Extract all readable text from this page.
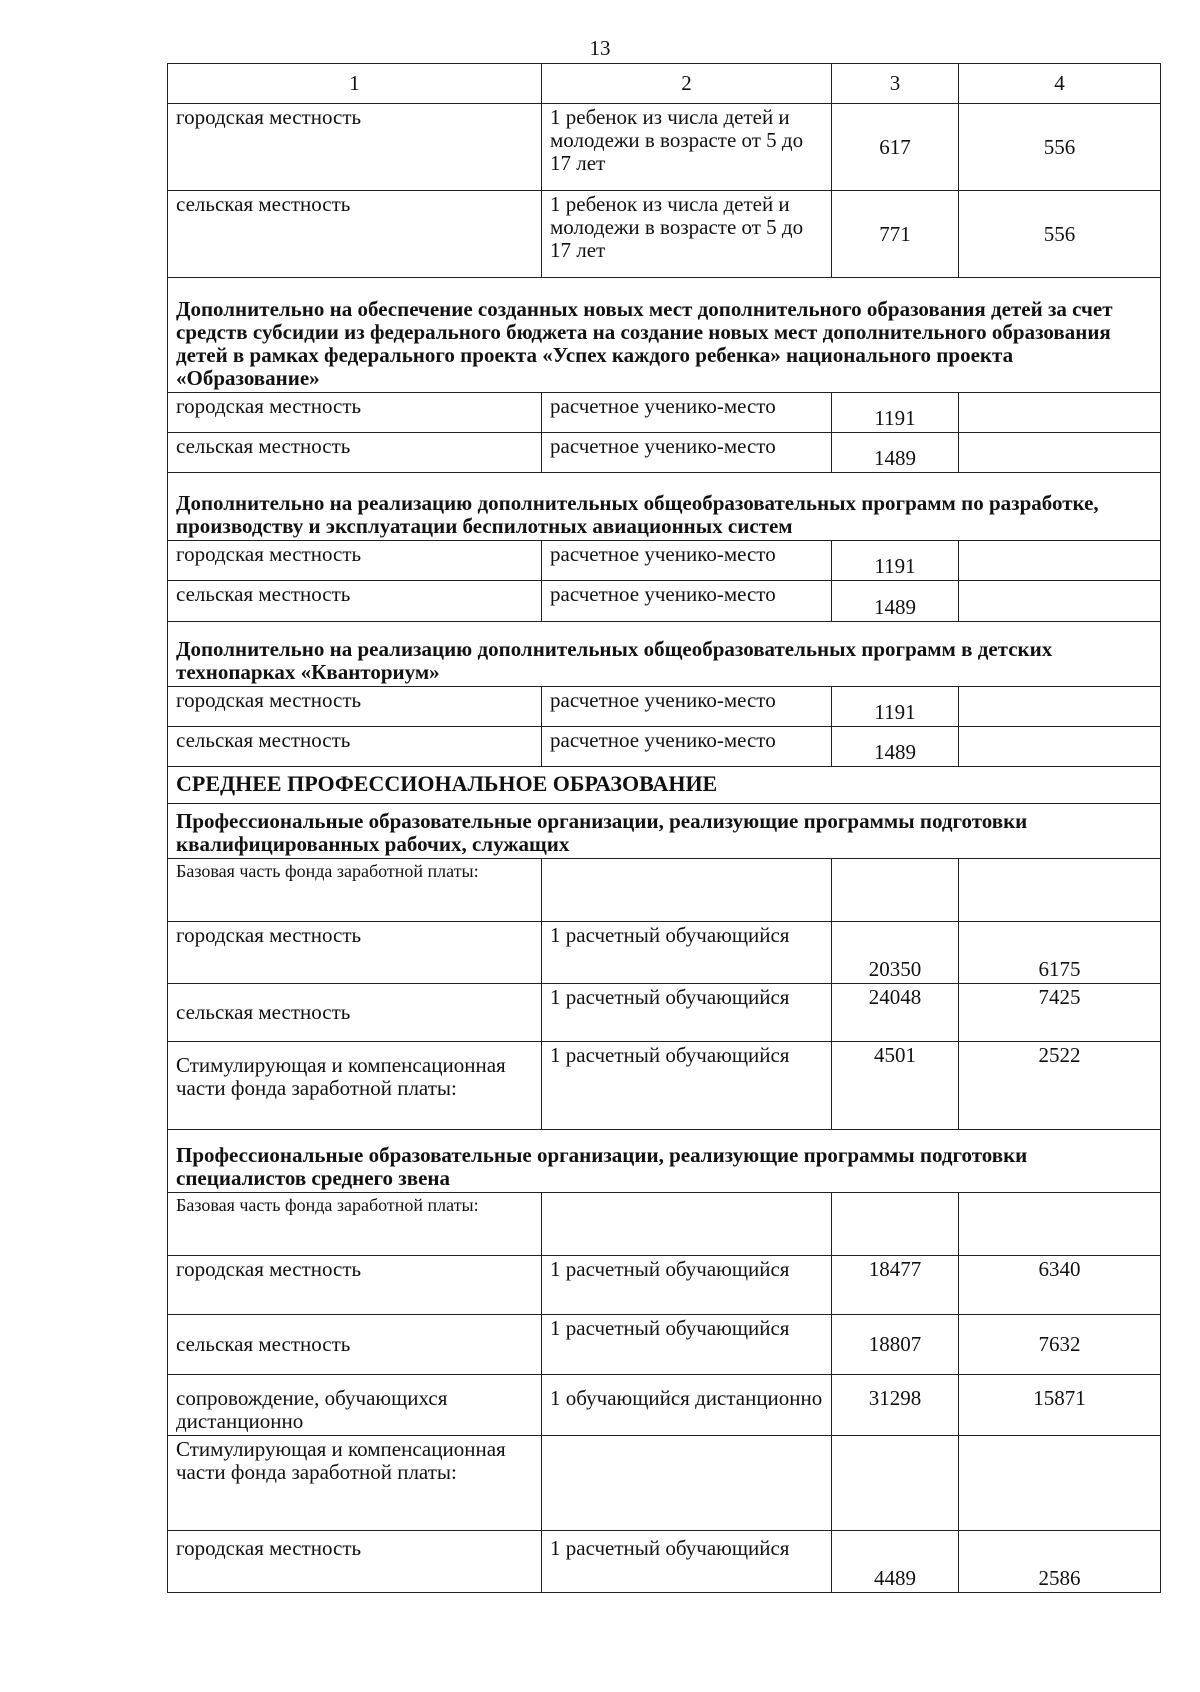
13
1	2	3	4
городская местность	1 ребенок из числа детей и молодежи в возрасте от 5 до 17 лет	617	556
сельская местность	1 ребенок из числа детей и молодежи в возрасте от 5 до 17 лет	771	556
Дополнительно на обеспечение созданных новых мест дополнительного образования детей за счет средств субсидии из федерального бюджета на создание новых мест дополнительного образования детей в рамках федерального проекта «Успех каждого ребенка» национального проекта «Образование»			
городская местность	расчетное ученико-место	1191	
сельская местность	расчетное ученико-место	1489	
Дополнительно на реализацию дополнительных общеобразовательных программ по разработке, производству и эксплуатации беспилотных авиационных систем			
городская местность	расчетное ученико-место	1191	
сельская местность	расчетное ученико-место	1489	
Дополнительно на реализацию дополнительных общеобразовательных программ в детских технопарках «Кванториум»			
городская местность	расчетное ученико-место	1191	
сельская местность	расчетное ученико-место	1489	
СРЕДНЕЕ ПРОФЕССИОНАЛЬНОЕ ОБРАЗОВАНИЕ			
Профессиональные образовательные организации, реализующие программы подготовки квалифицированных рабочих, служащих			
Базовая часть фонда заработной платы:			
городская местность	1 расчетный обучающийся	20350	6175
сельская местность	1 расчетный обучающийся	24048	7425
Стимулирующая и компенсационная части фонда заработной платы:	1 расчетный обучающийся	4501	2522
Профессиональные образовательные организации, реализующие программы подготовки специалистов среднего звена			
Базовая часть фонда заработной платы:			
городская местность	1 расчетный обучающийся	18477	6340
сельская местность	1 расчетный обучающийся	18807	7632
сопровождение, обучающихся дистанционно	1 обучающийся дистанционно	31298	15871
Стимулирующая и компенсационная части фонда заработной платы:			
городская местность	1 расчетный обучающийся	4489	2586
